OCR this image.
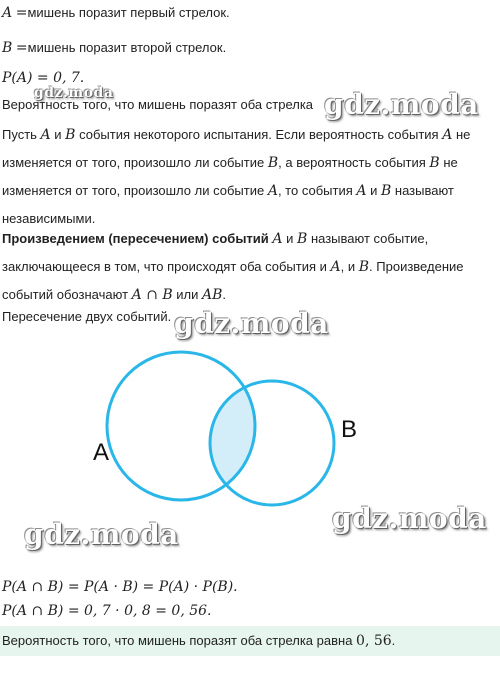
A =мишень поразит первый стрелок.
B =мишень поразит второй стрелок.
P(A) = 0, 7.
Вероятность того, что мишень поразят оба стрелка
Пусть A и B события некоторого испытания. Если вероятность события A не
изменяется от того, произошло ли событие B, а вероятность события B не
изменяется от того, произошло ли событие A, то события A и B называют
независимыми.
Произведением (пересечением) событий A и B называют событие,
заключающееся в том, что происходят оба события и A, и B. Произведение
событий обозначают A ∩ B или AB.
Пересечение двух событий.
A
B
P(A ∩ B) = P(A · B) = P(A) · P(B).
P(A ∩ B) = 0, 7 · 0, 8 = 0, 56.
Вероятность того, что мишень поразят оба стрелка равна 0, 56.
gdz.moda	gdz.moda
gdz.moda
gdz.moda	gdz.moda
